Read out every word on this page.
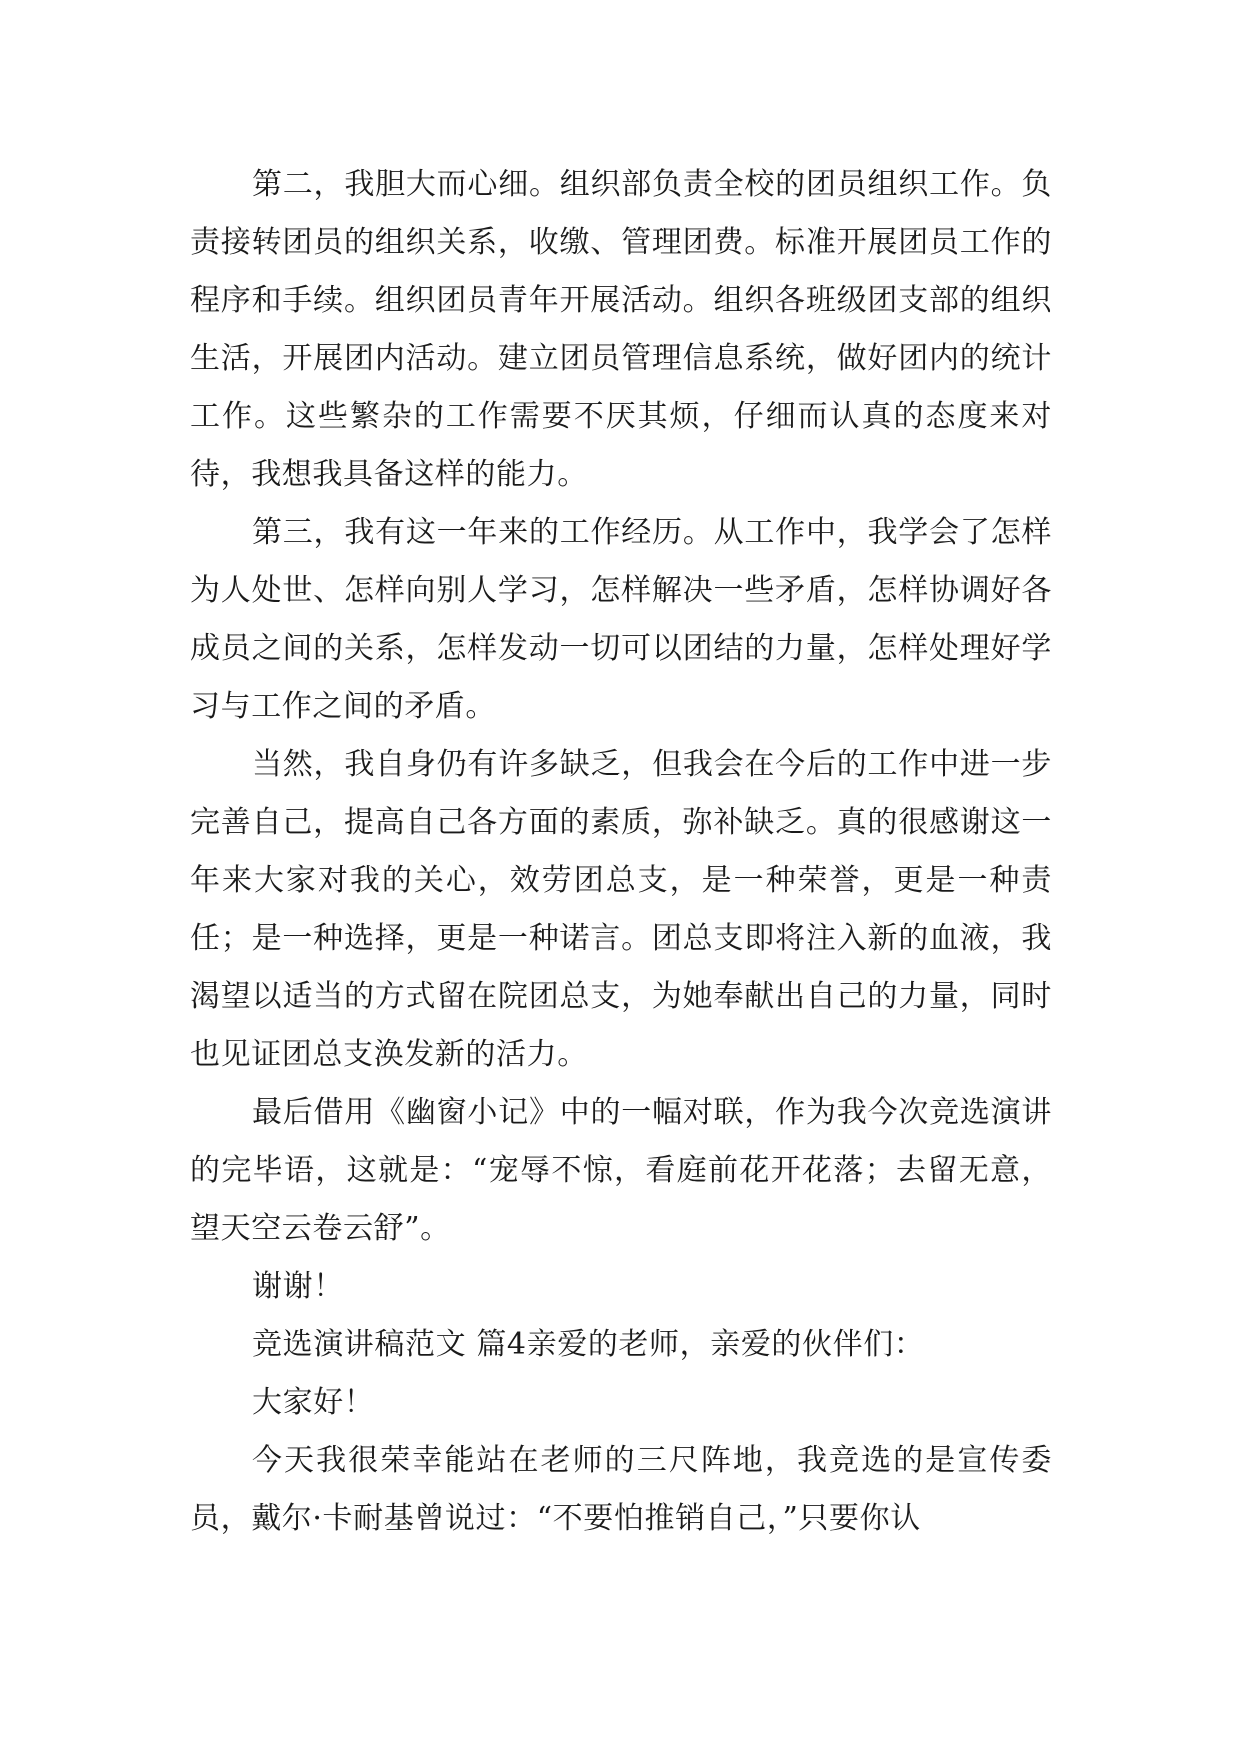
第二，我胆大而心细。组织部负责全校的团员组织工作。负责接转团员的组织关系，收缴、管理团费。标准开展团员工作的程序和手续。组织团员青年开展活动。组织各班级团支部的组织生活，开展团内活动。建立团员管理信息系统，做好团内的统计工作。这些繁杂的工作需要不厌其烦，仔细而认真的态度来对待，我想我具备这样的能力。

第三，我有这一年来的工作经历。从工作中，我学会了怎样为人处世、怎样向别人学习，怎样解决一些矛盾，怎样协调好各成员之间的关系，怎样发动一切可以团结的力量，怎样处理好学习与工作之间的矛盾。

当然，我自身仍有许多缺乏，但我会在今后的工作中进一步完善自己，提高自己各方面的素质，弥补缺乏。真的很感谢这一年来大家对我的关心，效劳团总支，是一种荣誉，更是一种责任；是一种选择，更是一种诺言。团总支即将注入新的血液，我渴望以适当的方式留在院团总支，为她奉献出自己的力量，同时也见证团总支涣发新的活力。

最后借用《幽窗小记》中的一幅对联，作为我今次竞选演讲的完毕语，这就是：“宠辱不惊，看庭前花开花落；去留无意，望天空云卷云舒”。

谢谢！

竞选演讲稿范文 篇4亲爱的老师，亲爱的伙伴们：

大家好！

今天我很荣幸能站在老师的三尺阵地，我竞选的是宣传委员，戴尔·卡耐基曾说过：“不要怕推销自己，”只要你认
